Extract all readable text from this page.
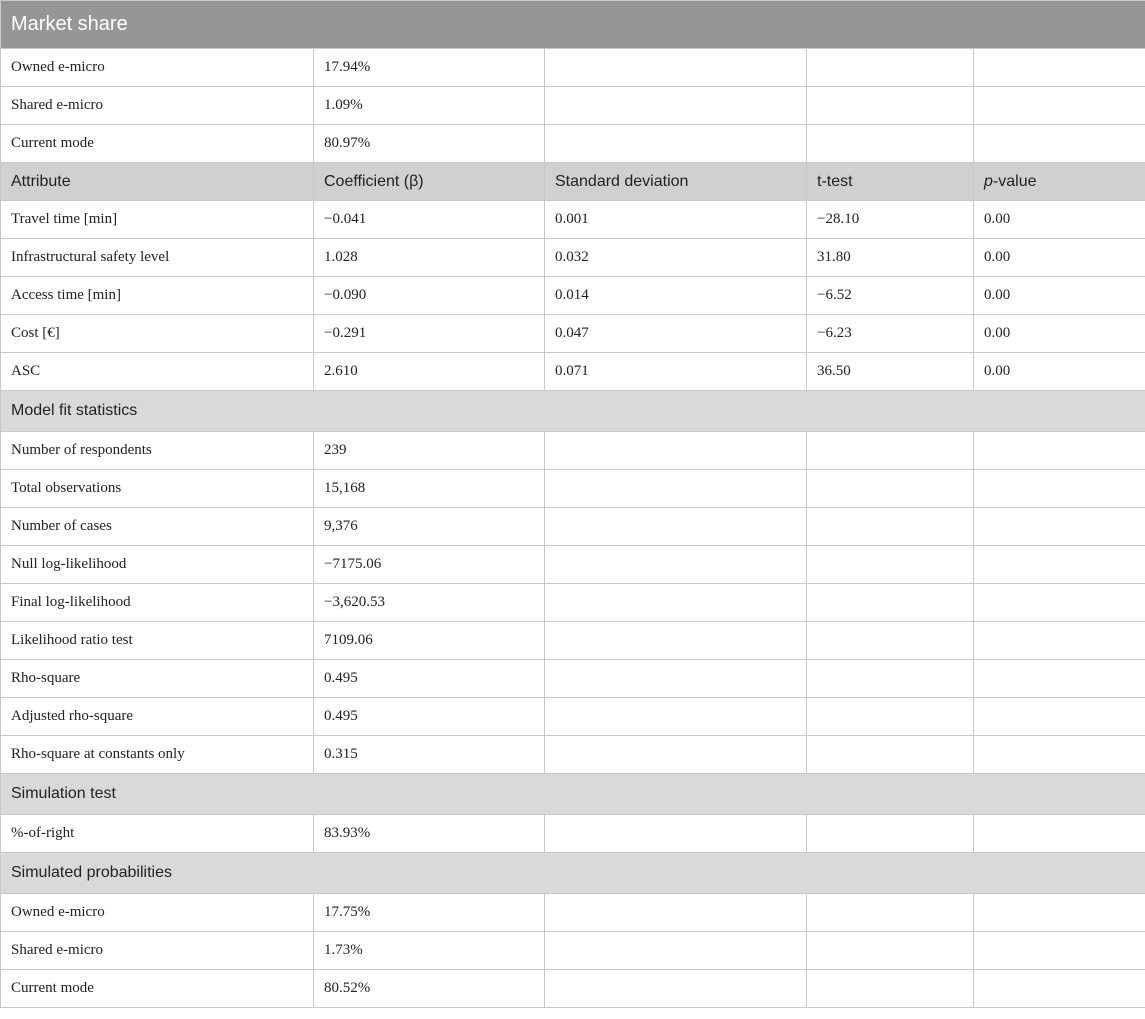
Market share				
Owned e-micro	17.94%			
Shared e-micro	1.09%			
Current mode	80.97%			
Attribute	Coefficient (β)	Standard deviation	t-test	p-value
Travel time [min]	−0.041	0.001	−28.10	0.00
Infrastructural safety level	1.028	0.032	31.80	0.00
Access time [min]	−0.090	0.014	−6.52	0.00
Cost [€]	−0.291	0.047	−6.23	0.00
ASC	2.610	0.071	36.50	0.00
Model fit statistics				
Number of respondents	239			
Total observations	15,168			
Number of cases	9,376			
Null log-likelihood	−7175.06			
Final log-likelihood	−3,620.53			
Likelihood ratio test	7109.06			
Rho-square	0.495			
Adjusted rho-square	0.495			
Rho-square at constants only	0.315			
Simulation test				
%-of-right	83.93%			
Simulated probabilities				
Owned e-micro	17.75%			
Shared e-micro	1.73%			
Current mode	80.52%			
